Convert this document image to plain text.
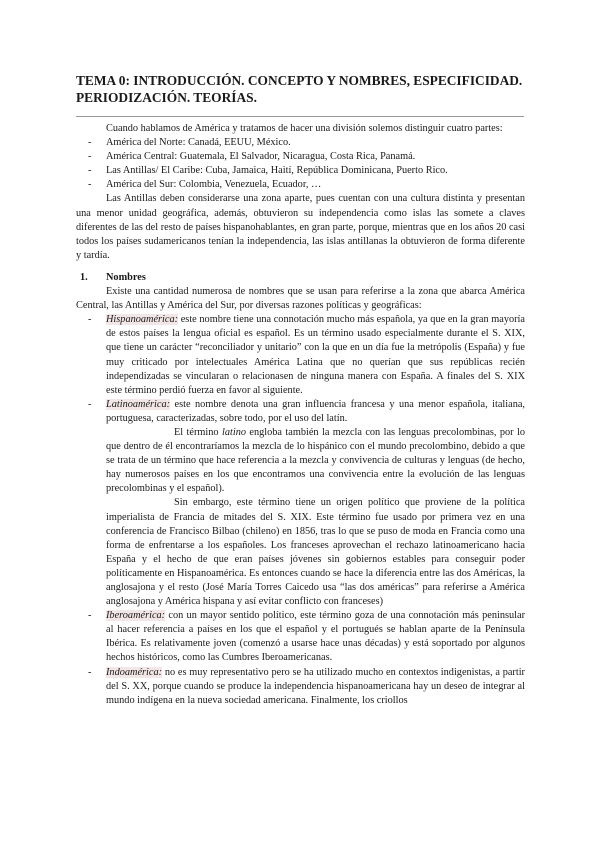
TEMA 0: INTRODUCCIÓN. CONCEPTO Y NOMBRES, ESPECIFICIDAD. PERIODIZACIÓN. TEORÍAS.

Cuando hablamos de América y tratamos de hacer una división solemos distinguir cuatro partes:

- América del Norte: Canadá, EEUU, México.
- América Central: Guatemala, El Salvador, Nicaragua, Costa Rica, Panamá.
- Las Antillas/ El Caribe: Cuba, Jamaica, Haití, República Dominicana, Puerto Rico.
- América del Sur: Colombia, Venezuela, Ecuador, …

Las Antillas deben considerarse una zona aparte, pues cuentan con una cultura distinta y presentan una menor unidad geográfica, además, obtuvieron su independencia como islas las somete a claves diferentes de las del resto de países hispanohablantes, en gran parte, porque, mientras que en los años 20 casi todos los países sudamericanos tenían la independencia, las islas antillanas la obtuvieron de forma diferente y tardía.

1. Nombres

Existe una cantidad numerosa de nombres que se usan para referirse a la zona que abarca América Central, las Antillas y América del Sur, por diversas razones políticas y geográficas:

- Hispanoamérica: este nombre tiene una connotación mucho más española, ya que en la gran mayoría de estos países la lengua oficial es español. Es un término usado especialmente durante el S. XIX, que tiene un carácter “reconciliador y unitario” con la que en un día fue la metrópolis (España) y fue muy criticado por intelectuales América Latina que no querían que sus repúblicas recién independizadas se vincularan o relacionasen de ninguna manera con España. A finales del S. XIX este término perdió fuerza en favor al siguiente.
- Latinoamérica: este nombre denota una gran influencia francesa y una menor española, italiana, portuguesa, caracterizadas, sobre todo, por el uso del latín.

El término latino engloba también la mezcla con las lenguas precolombinas, por lo que dentro de él encontraríamos la mezcla de lo hispánico con el mundo precolombino, debido a que se trata de un término que hace referencia a la mezcla y convivencia de culturas y lenguas (de hecho, hay numerosos países en los que encontramos una convivencia entre la evolución de las lenguas precolombinas y el español).

Sin embargo, este término tiene un origen político que proviene de la política imperialista de Francia de mitades del S. XIX. Este término fue usado por primera vez en una conferencia de Francisco Bilbao (chileno) en 1856, tras lo que se puso de moda en Francia como una forma de enfrentarse a los españoles. Los franceses aprovechan el rechazo latinoamericano hacia España y el hecho de que eran países jóvenes sin gobiernos estables para conseguir poder políticamente en Hispanoamérica. Es entonces cuando se hace la diferencia entre las dos Américas, la anglosajona y el resto (José María Torres Caicedo usa “las dos américas” para referirse a América anglosajona y América hispana y así evitar conflicto con franceses)

- Iberoamérica: con un mayor sentido político, este término goza de una connotación más peninsular al hacer referencia a países en los que el español y el portugués se hablan aparte de la Península Ibérica. Es relativamente joven (comenzó a usarse hace unas décadas) y está soportado por algunos hechos históricos, como las Cumbres Iberoamericanas.
- Indoamérica: no es muy representativo pero se ha utilizado mucho en contextos indigenistas, a partir del S. XX, porque cuando se produce la independencia hispanoamericana hay un deseo de integrar al mundo indígena en la nueva sociedad americana. Finalmente, los criollos
